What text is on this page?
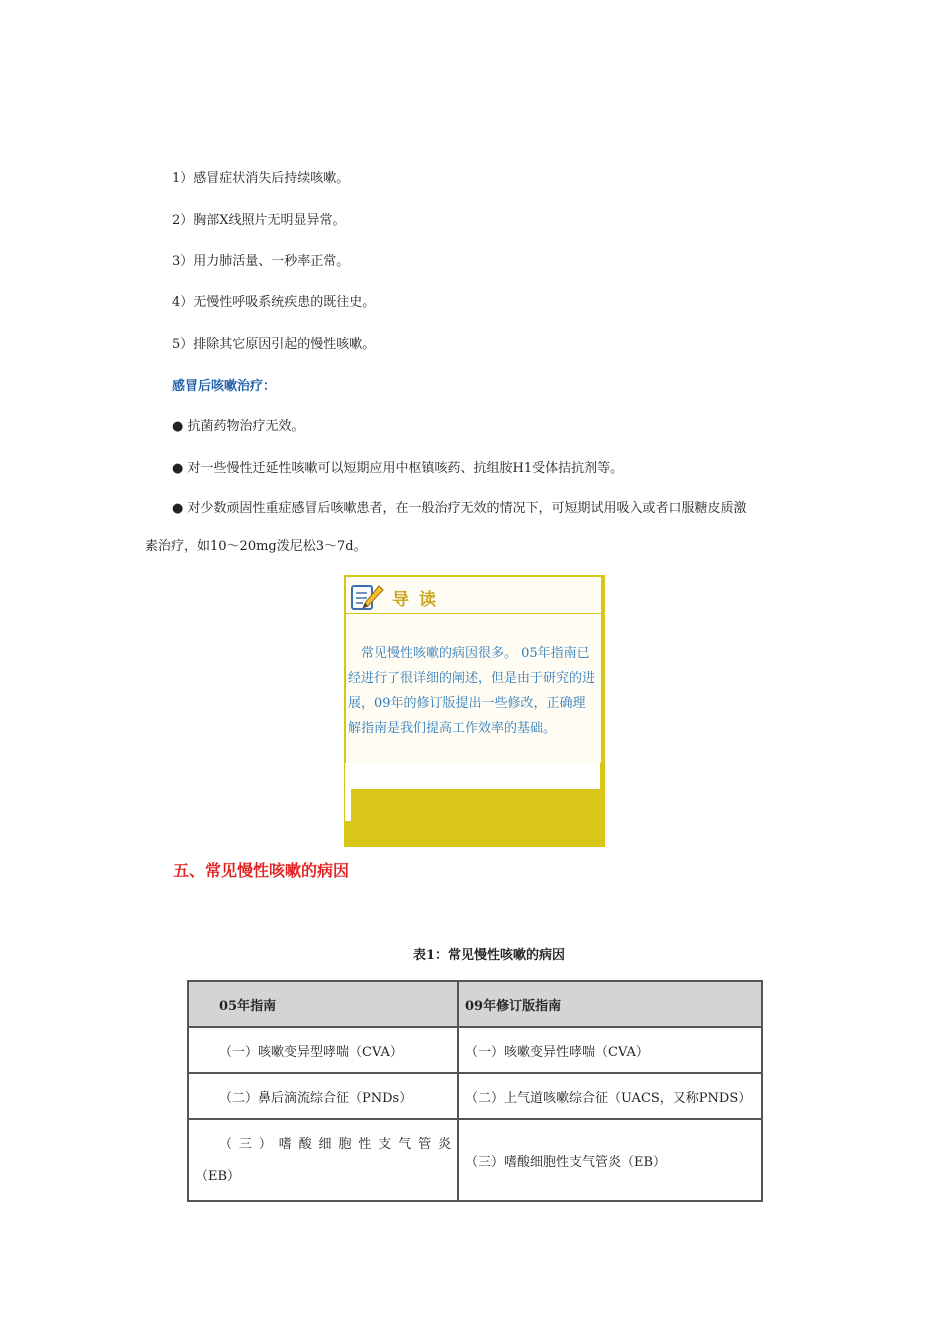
1）感冒症状消失后持续咳嗽。
2）胸部X线照片无明显异常。
3）用力肺活量、一秒率正常。
4）无慢性呼吸系统疾患的既往史。
5）排除其它原因引起的慢性咳嗽。
感冒后咳嗽治疗：
● 抗菌药物治疗无效。
● 对一些慢性迁延性咳嗽可以短期应用中枢镇咳药、抗组胺H1受体拮抗剂等。
● 对少数顽固性重症感冒后咳嗽患者，在一般治疗无效的情况下，可短期试用吸入或者口服糖皮质激
素治疗，如10～20mg泼尼松3～7d。
导读
　常见慢性咳嗽的病因很多。 05年指南已经进行了很详细的阐述，但是由于研究的进展，09年的修订版提出一些修改，正确理解指南是我们提高工作效率的基础。
五、常见慢性咳嗽的病因
表1：常见慢性咳嗽的病因
05年指南	09年修订版指南
（一）咳嗽变异型哮喘（CVA）	（一）咳嗽变异性哮喘（CVA）
（二）鼻后滴流综合征（PNDs）	（二）上气道咳嗽综合征（UACS，又称PNDS）

（三）嗜酸细胞性支气管炎
（EB）	（三）嗜酸细胞性支气管炎（EB）
